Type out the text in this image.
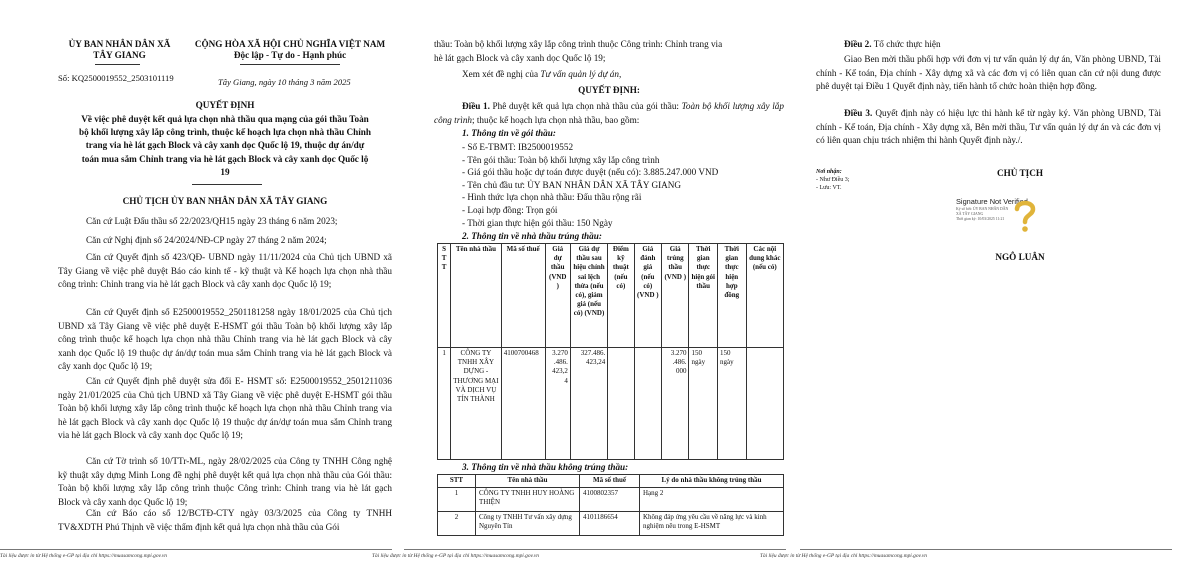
ỦY BAN NHÂN DÂN XÃ
TÂY GIANG
CỘNG HÒA XÃ HỘI CHỦ NGHĨA VIỆT NAM
Độc lập - Tự do - Hạnh phúc
Số: KQ2500019552_2503101119	Tây Giang, ngày 10 tháng 3 năm 2025
QUYẾT ĐỊNH
Về việc phê duyệt kết quả lựa chọn nhà thầu qua mạng của gói thầu Toàn
bộ khối lượng xây lắp công trình, thuộc kế hoạch lựa chọn nhà thầu Chỉnh
trang via hè lát gạch Block và cây xanh dọc Quốc lộ 19, thuộc dự án/dự
toán mua sắm Chỉnh trang via hè lát gạch Block và cây xanh dọc Quốc lộ
19
CHỦ TỊCH ỦY BAN NHÂN DÂN XÃ TÂY GIANG
Căn cứ Luật Đấu thầu số 22/2023/QH15 ngày 23 tháng 6 năm 2023;
Căn cứ Nghị định số 24/2024/NĐ-CP ngày 27 tháng 2 năm 2024;
Căn cứ Quyết định số 423/QĐ- UBND ngày 11/11/2024 của Chủ tịch UBND xã Tây Giang về việc phê duyệt Báo cáo kinh tế - kỹ thuật và Kế hoạch lựa chọn nhà thầu công trình: Chỉnh trang via hè lát gạch Block và cây xanh dọc Quốc lộ 19;
Căn cứ Quyết định số E2500019552_2501181258 ngày 18/01/2025 của Chủ tịch UBND xã Tây Giang về việc phê duyệt E-HSMT gói thầu Toàn bộ khối lượng xây lắp công trình thuộc kế hoạch lựa chọn nhà thầu Chỉnh trang via hè lát gạch Block và cây xanh dọc Quốc lộ 19 thuộc dự án/dự toán mua sắm Chỉnh trang via hè lát gạch Block và cây xanh dọc Quốc lộ 19;
Căn cứ Quyết định phê duyệt sửa đổi E- HSMT số: E2500019552_2501211036 ngày 21/01/2025 của Chủ tịch UBND xã Tây Giang về việc phê duyệt E-HSMT gói thầu Toàn bộ khối lượng xây lắp công trình thuộc kế hoạch lựa chọn nhà thầu Chỉnh trang via hè lát gạch Block và cây xanh dọc Quốc lộ 19 thuộc dự án/dự toán mua sắm Chỉnh trang via hè lát gạch Block và cây xanh dọc Quốc lộ 19;
Căn cứ Tờ trình số 10/TTr-ML, ngày 28/02/2025 của Công ty TNHH Công nghệ kỹ thuật xây dựng Minh Long đề nghị phê duyệt kết quả lựa chọn nhà thầu của Gói thầu: Toàn bộ khối lượng xây lắp công trình thuộc Công trình: Chỉnh trang via hè lát gạch Block và cây xanh dọc Quốc lộ 19;
Căn cứ Báo cáo số 12/BCTĐ-CTY ngày 03/3/2025 của Công ty TNHH TV&XDTH Phú Thịnh về việc thẩm định kết quả lựa chọn nhà thầu của Gói
Tài liệu được in từ Hệ thống e-GP tại địa chỉ https://muasamcong.mpi.gov.vn
thầu: Toàn bộ khối lượng xây lắp công trình thuộc Công trình: Chỉnh trang via
hè lát gạch Block và cây xanh dọc Quốc lộ 19;
Xem xét đề nghị của Tư vấn quản lý dự án,
QUYẾT ĐỊNH:
Điều 1. Phê duyệt kết quả lựa chọn nhà thầu của gói thầu: Toàn bộ khối lượng xây lắp công trình; thuộc kế hoạch lựa chọn nhà thầu, bao gồm:
1. Thông tin về gói thầu:
- Số E-TBMT: IB2500019552
- Tên gói thầu: Toàn bộ khối lượng xây lắp công trình
- Giá gói thầu hoặc dự toán được duyệt (nếu có): 3.885.247.000 VND
- Tên chủ đầu tư: ỦY BAN NHÂN DÂN XÃ TÂY GIANG
- Hình thức lựa chọn nhà thầu: Đấu thầu rộng rãi
- Loại hợp đồng: Trọn gói
- Thời gian thực hiện gói thầu: 150 Ngày
2. Thông tin về nhà thầu trúng thầu:
S T T	Tên nhà thầu	Mã số thuế	Giá dự thầu (VND )	Giá dự thầu sau hiệu chỉnh sai lệch thừa (nếu có), giảm giá (nếu có) (VND)	Điểm kỹ thuật (nếu có)	Giá đánh giá (nếu có) (VND )	Giá trúng thầu (VND )	Thời gian thực hiện gói thầu	Thời gian thực hiện hợp đồng	Các nội dung khác (nếu có)
1	CÔNG TY TNHH XÂY DỰNG - THƯƠNG MẠI VÀ DỊCH VỤ TÍN THÀNH	4100700468	3.270 .486. 423,2 4	327.486. 423,24			3.270 .486. 000	150 ngày	150 ngày	
3. Thông tin về nhà thầu không trúng thầu:
STT	Tên nhà thầu	Mã số thuế	Lý do nhà thầu không trúng thầu
1	CÔNG TY TNHH HUY HOÀNG THIỆN	4100802357	Hạng 2
2	Công ty TNHH Tư vấn xây dựng Nguyên Tín	4101186654	Không đáp ứng yêu cầu về năng lực và kinh nghiệm nêu trong E-HSMT
Tài liệu được in từ Hệ thống e-GP tại địa chỉ https://muasamcong.mpi.gov.vn
Điều 2. Tổ chức thực hiện
Giao Ben mời thầu phối hợp với đơn vị tư vấn quản lý dự án, Văn phòng UBND, Tài chính - Kế toán, Địa chính - Xây dựng xã và các đơn vị có liên quan căn cứ nội dung được phê duyệt tại Điều 1 Quyết định này, tiến hành tổ chức hoàn thiện hợp đồng.
Điều 3. Quyết định này có hiệu lực thi hành kể từ ngày ký. Văn phòng UBND, Tài chính - Kế toán, Địa chính - Xây dựng xã, Bên mời thầu, Tư vấn quản lý dự án và các đơn vị có liên quan chịu trách nhiệm thi hành Quyết định này./.
Nơi nhận:
- Như Điều 3;
- Lưu: VT.
CHỦ TỊCH
Signature Not Verified
Ký số bởi: ỦY BAN NHÂN DÂN
XÃ TÂY GIANG
Thời gian ký: 10/03/2025 11:21
NGÔ LUÂN
Tài liệu được in từ Hệ thống e-GP tại địa chỉ https://muasamcong.mpi.gov.vn
